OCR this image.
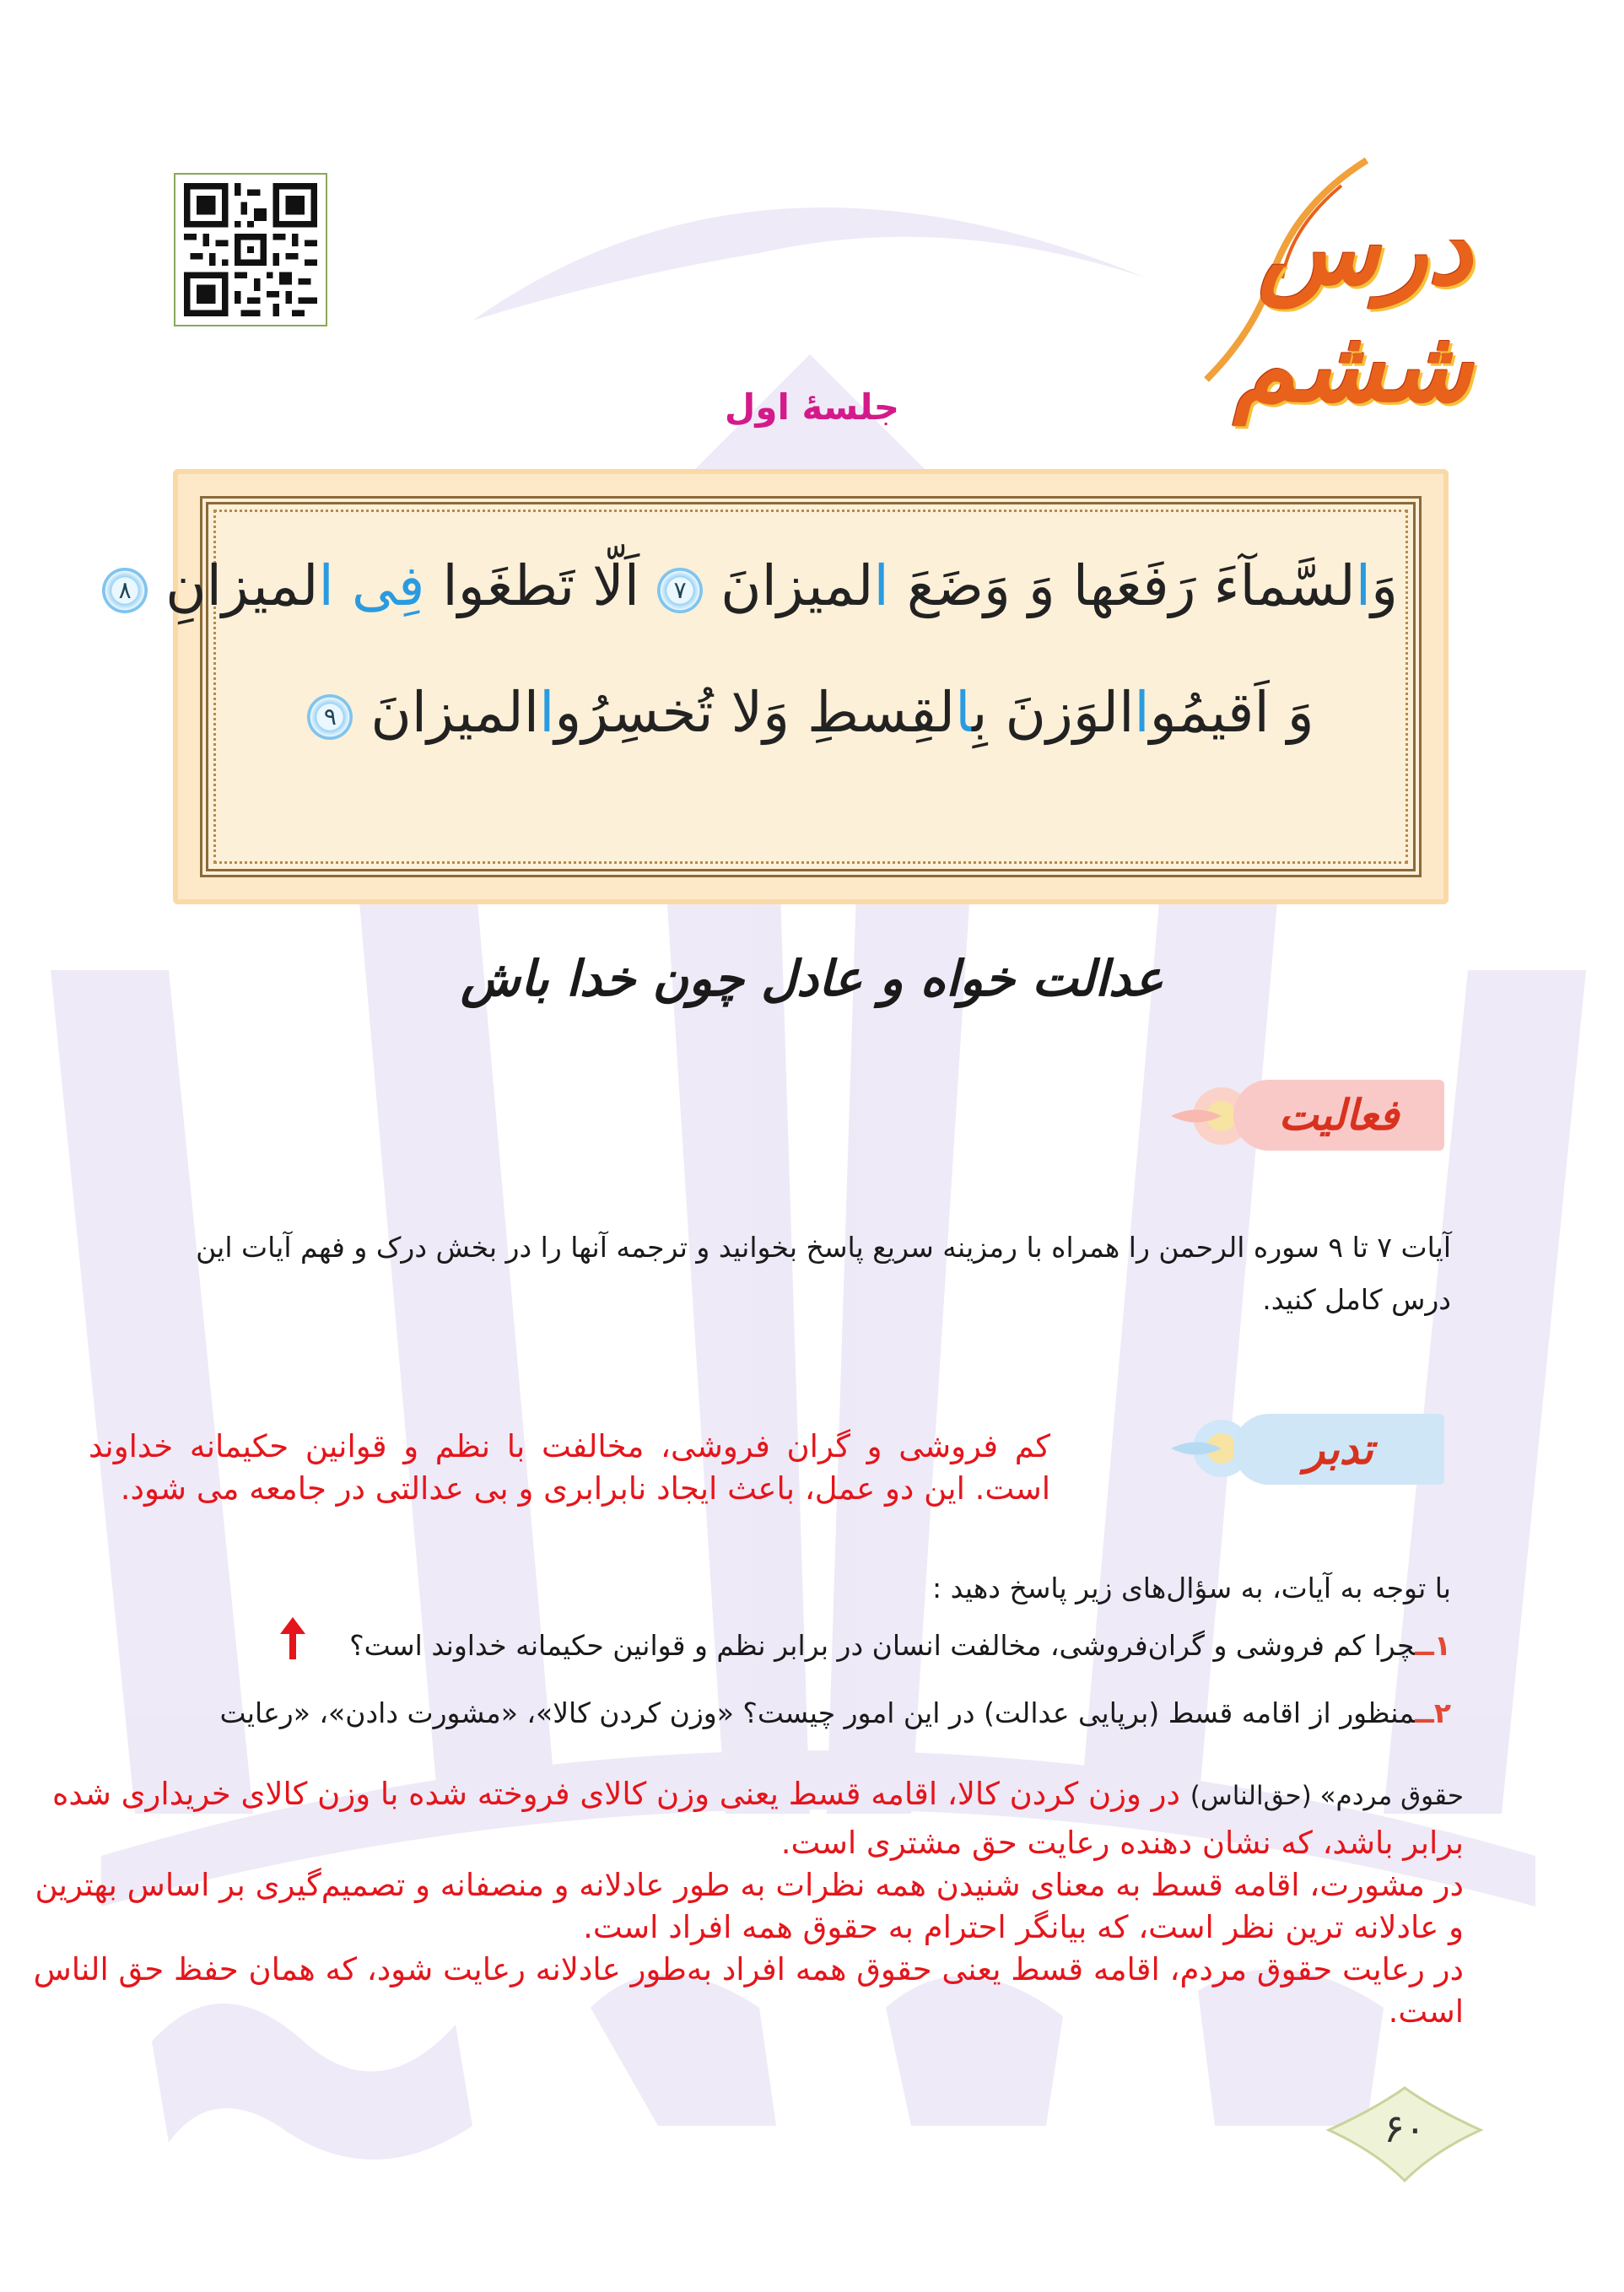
درس ششم
جلسهٔ اول
وَالسَّمآءَ رَفَعَها وَ وَضَعَ المیزانَ ۷ اَلّا تَطغَوا فِی المیزانِ ۸
وَ اَقیمُواالوَزنَ بِالقِسطِ وَلا تُخسِرُواالمیزانَ ۹
عدالت خواه و عادل چون خدا باش
فعالیت
آیات ۷ تا ۹ سوره الرحمن را همراه با رمزینه سریع پاسخ بخوانید و ترجمه آنها را در بخش درک و فهم آیات این درس کامل کنید.
تدبر
کم فروشی و گران فروشی، مخالفت با نظم و قوانین حکیمانه خداوند است. این دو عمل، باعث ایجاد نابرابری و بی عدالتی در جامعه می شود.
با توجه به آیات، به سؤال‌های زیر پاسخ دهید :
۱ــچرا کم فروشی و گران‌فروشی، مخالفت انسان در برابر نظم و قوانین حکیمانه خداوند است؟
۲ــمنظور از اقامه قسط (برپایی عدالت) در این امور چیست؟ «وزن کردن کالا»، «مشورت دادن»، «رعایت
حقوق مردم» (حق‌الناس) در وزن کردن کالا، اقامه قسط یعنی وزن کالای فروخته شده با وزن کالای خریداری شده برابر باشد، که نشان دهنده رعایت حق مشتری است.
در مشورت، اقامه قسط به معنای شنیدن همه نظرات به طور عادلانه و منصفانه و تصمیم‌گیری بر اساس بهترین و عادلانه ترین نظر است، که بیانگر احترام به حقوق همه افراد است.
در رعایت حقوق مردم، اقامه قسط یعنی حقوق همه افراد به‌طور عادلانه رعایت شود، که همان حفظ حق الناس است.
۶۰
